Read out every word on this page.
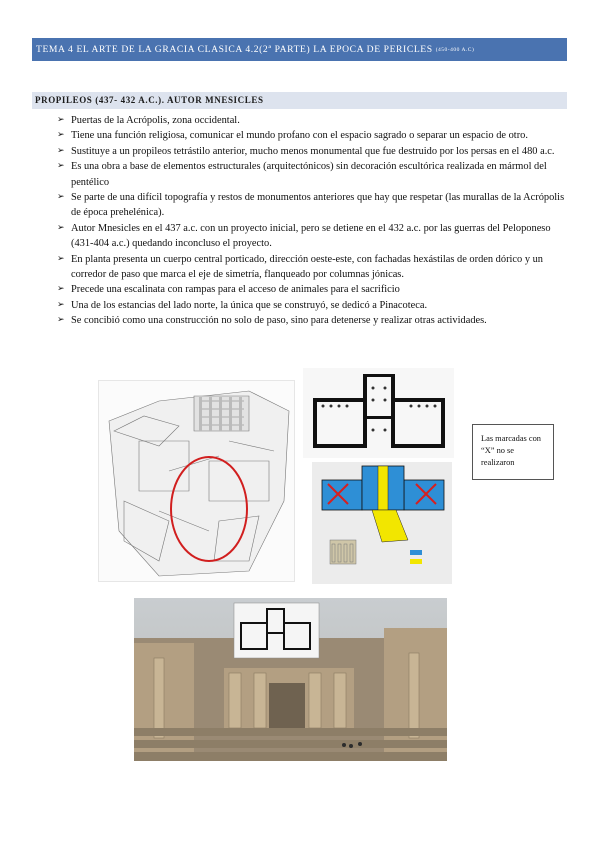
TEMA 4 EL ARTE DE LA GRACIA CLASICA 4.2(2ª PARTE) LA EPOCA DE PERICLES (450-400 A.C)
PROPILEOS (437- 432 A.C.). AUTOR MNESICLES
➢ Puertas de la Acrópolis, zona occidental.
➢ Tiene una función religiosa, comunicar el mundo profano con el espacio sagrado o separar un espacio de otro.
➢ Sustituye a un propileos tetrástilo anterior, mucho menos monumental que fue destruido por los persas en el 480 a.c.
➢ Es una obra a base de elementos estructurales (arquitectónicos) sin decoración escultórica realizada en mármol del pentélico
➢ Se parte de una difícil topografía y restos de monumentos anteriores que hay que respetar (las murallas de la Acrópolis de época prehelénica).
➢ Autor Mnesicles en el 437 a.c. con un proyecto inicial, pero se detiene en el 432 a.c. por las guerras del Peloponeso (431-404 a.c.) quedando inconcluso el proyecto.
➢ En planta presenta un cuerpo central porticado, dirección oeste-este, con fachadas hexástilas de orden dórico y un corredor de paso que marca el eje de simetría, flanqueado por columnas jónicas.
➢ Precede una escalinata con rampas para el acceso de animales para el sacrificio
➢ Una de los estancias del lado norte, la única que se construyó, se dedicó a Pinacoteca.
➢ Se concibió como una construcción no solo de paso, sino para detenerse y realizar otras actividades.
Las marcadas con “X” no se realizaron
